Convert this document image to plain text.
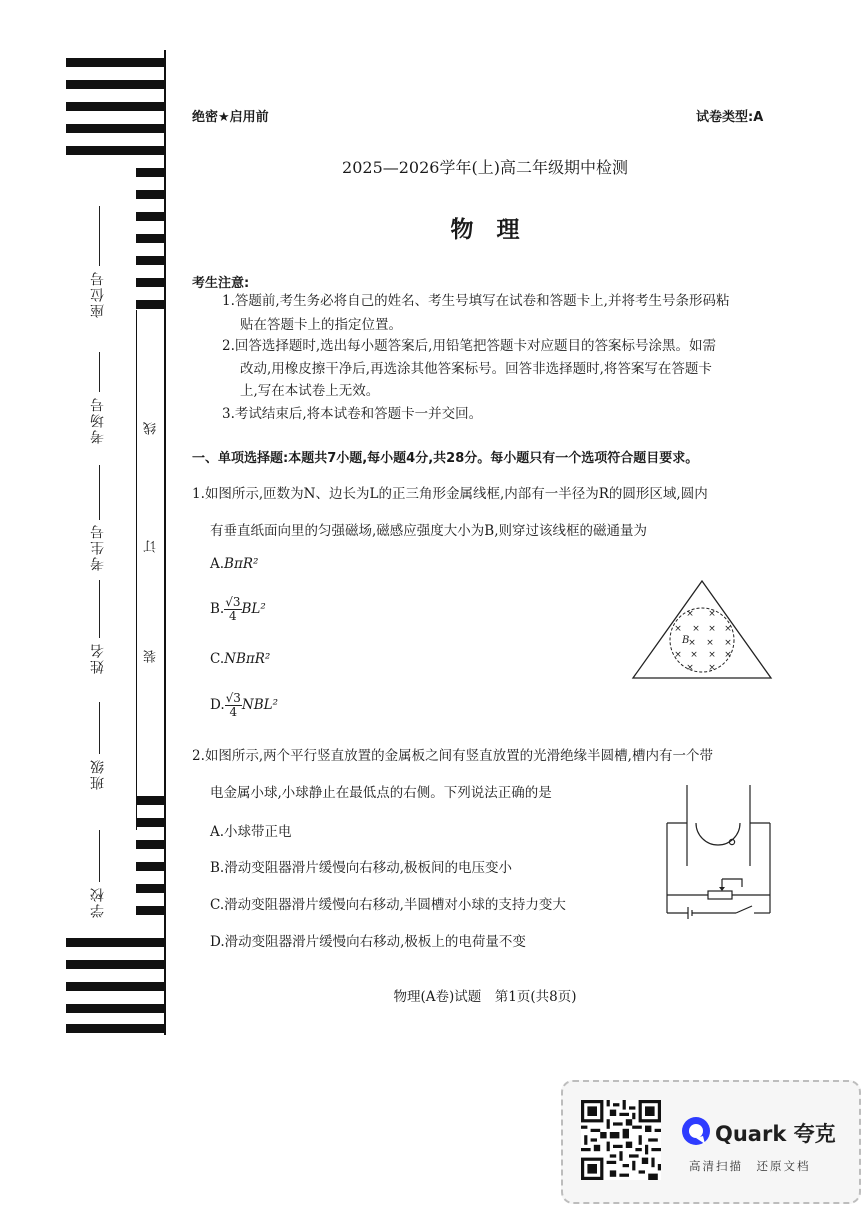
座位号
考场号
考生号
姓名
班级
学校
线
订
装
绝密★启用前	试卷类型:A
2025—2026学年(上)高二年级期中检测
物　理
考生注意:
1.答题前,考生务必将自己的姓名、考生号填写在试卷和答题卡上,并将考生号条形码粘
贴在答题卡上的指定位置。
2.回答选择题时,选出每小题答案后,用铅笔把答题卡对应题目的答案标号涂黑。如需
改动,用橡皮擦干净后,再选涂其他答案标号。回答非选择题时,将答案写在答题卡
上,写在本试卷上无效。
3.考试结束后,将本试卷和答题卡一并交回。
一、单项选择题:本题共7小题,每小题4分,共28分。每小题只有一个选项符合题目要求。
1.如图所示,匝数为N、边长为L的正三角形金属线框,内部有一半径为R的圆形区域,圆内
有垂直纸面向里的匀强磁场,磁感应强度大小为B,则穿过该线框的磁通量为
A.BπR²
B. $\frac{√3}{4} BL^2$
C.NBπR²
D. $\frac{√3}{4} NBL^2$
× ×
× × × ×
× × ×
× × × ×
× ×
B
2.如图所示,两个平行竖直放置的金属板之间有竖直放置的光滑绝缘半圆槽,槽内有一个带
电金属小球,小球静止在最低点的右侧。下列说法正确的是
A.小球带正电
B.滑动变阻器滑片缓慢向右移动,极板间的电压变小
C.滑动变阻器滑片缓慢向右移动,半圆槽对小球的支持力变大
D.滑动变阻器滑片缓慢向右移动,极板上的电荷量不变
物理(A卷)试题　第1页(共8页)
Quark 夸克
高清扫描　还原文档
